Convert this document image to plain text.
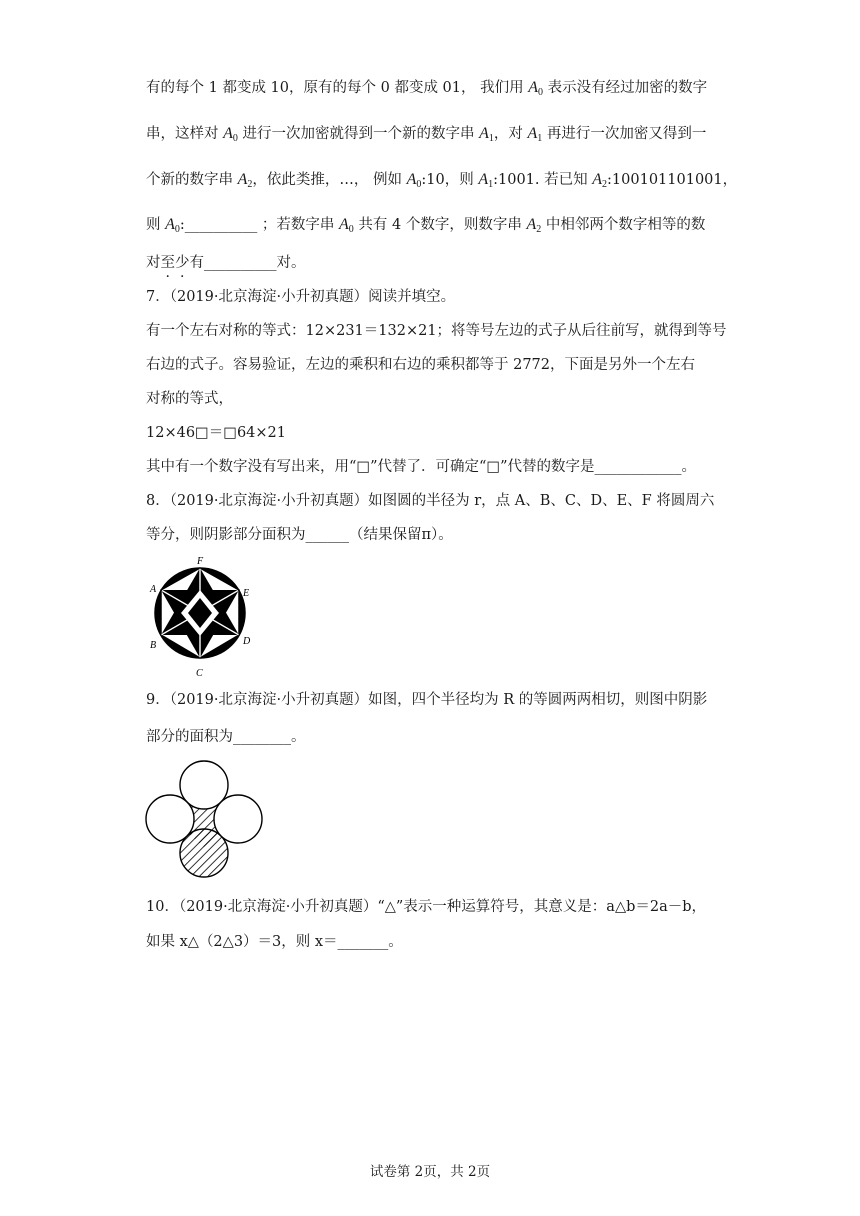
有的每个 1 都变成 10，原有的每个 0 都变成 01， 我们用 $A_0$ 表示没有经过加密的数字
串，这样对 $A_0$ 进行一次加密就得到一个新的数字串 $A_1$，对 $A_1$ 再进行一次加密又得到一
个新的数字串 $A_2$，依此类推，…， 例如 $A_0:10$，则 $A_1:1001$. 若已知 $A_2:100101101001$，
则 $A_0:\_\_\_\_\_\_\_\_\_\_$ ；若数字串 $A_0$ 共有 4 个数字，则数字串 $A_2$ 中相邻两个数字相等的数
对至少有__________对。
7．（2019·北京海淀·小升初真题）阅读并填空。
有一个左右对称的等式：12×231＝132×21；将等号左边的式子从后往前写，就得到等号
右边的式子。容易验证，左边的乘积和右边的乘积都等于 2772，下面是另外一个左右
对称的等式，
12×46□＝□64×21
其中有一个数字没有写出来，用“□”代替了．可确定“□”代替的数字是____________。
8．（2019·北京海淀·小升初真题）如图圆的半径为 r，点 A、B、C、D、E、F 将圆周六
等分，则阴影部分面积为______（结果保留π）。
F
A	E
B	D
C
9．（2019·北京海淀·小升初真题）如图，四个半径均为 R 的等圆两两相切，则图中阴影
部分的面积为________。
10．（2019·北京海淀·小升初真题）“△”表示一种运算符号，其意义是：a△b＝2a－b，
如果 x△（2△3）＝3，则 x＝_______。
试卷第 2页，共 2页
